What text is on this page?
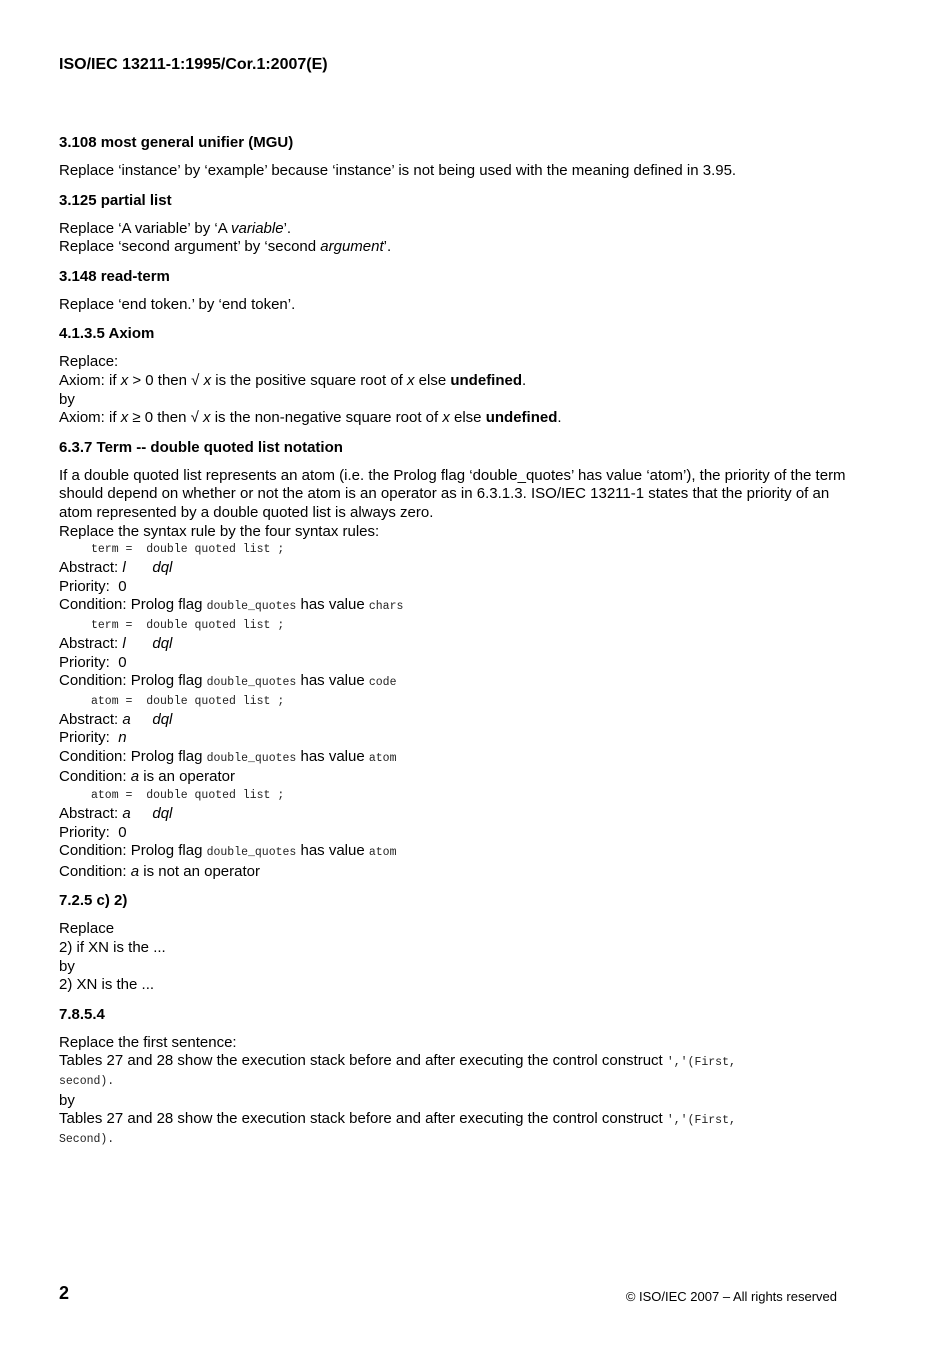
ISO/IEC 13211-1:1995/Cor.1:2007(E)
3.108 most general unifier (MGU)

Replace ‘instance’ by ‘example’ because ‘instance’ is not being used with the meaning defined in 3.95.

3.125 partial list

Replace ‘A variable’ by ‘A variable’.
Replace ‘second argument’ by ‘second argument’.

3.148 read-term

Replace ‘end token.’ by ‘end token’.

4.1.3.5 Axiom

Replace:
Axiom: if x > 0 then √ x is the positive square root of x else undefined.
by
Axiom: if x ≥ 0 then √ x is the non-negative square root of x else undefined.

6.3.7 Term -- double quoted list notation

If a double quoted list represents an atom (i.e. the Prolog flag ‘double_quotes’ has value ‘atom’), the priority of the term should depend on whether or not the atom is an operator as in 6.3.1.3. ISO/IEC 13211-1 states that the priority of an atom represented by a double quoted list is always zero.
Replace the syntax rule by the four syntax rules:

term =  double quoted list ;
Abstract: l dql
Priority:  0
Condition: Prolog flag double_quotes has value chars
term =  double quoted list ;
Abstract: l dql
Priority:  0
Condition: Prolog flag double_quotes has value code
atom =  double quoted list ;
Abstract: a dql
Priority:  n
Condition: Prolog flag double_quotes has value atom
Condition: a is an operator
atom =  double quoted list ;
Abstract: a dql
Priority:  0
Condition: Prolog flag double_quotes has value atom
Condition: a is not an operator
7.2.5 c) 2)

Replace
2) if XN is the ...
by
2) XN is the ...

7.8.5.4

Replace the first sentence:
Tables 27 and 28 show the execution stack before and after executing the control construct ','(First,
second).
by
Tables 27 and 28 show the execution stack before and after executing the control construct ','(First,
Second).

2	© ISO/IEC 2007 – All rights reserved
